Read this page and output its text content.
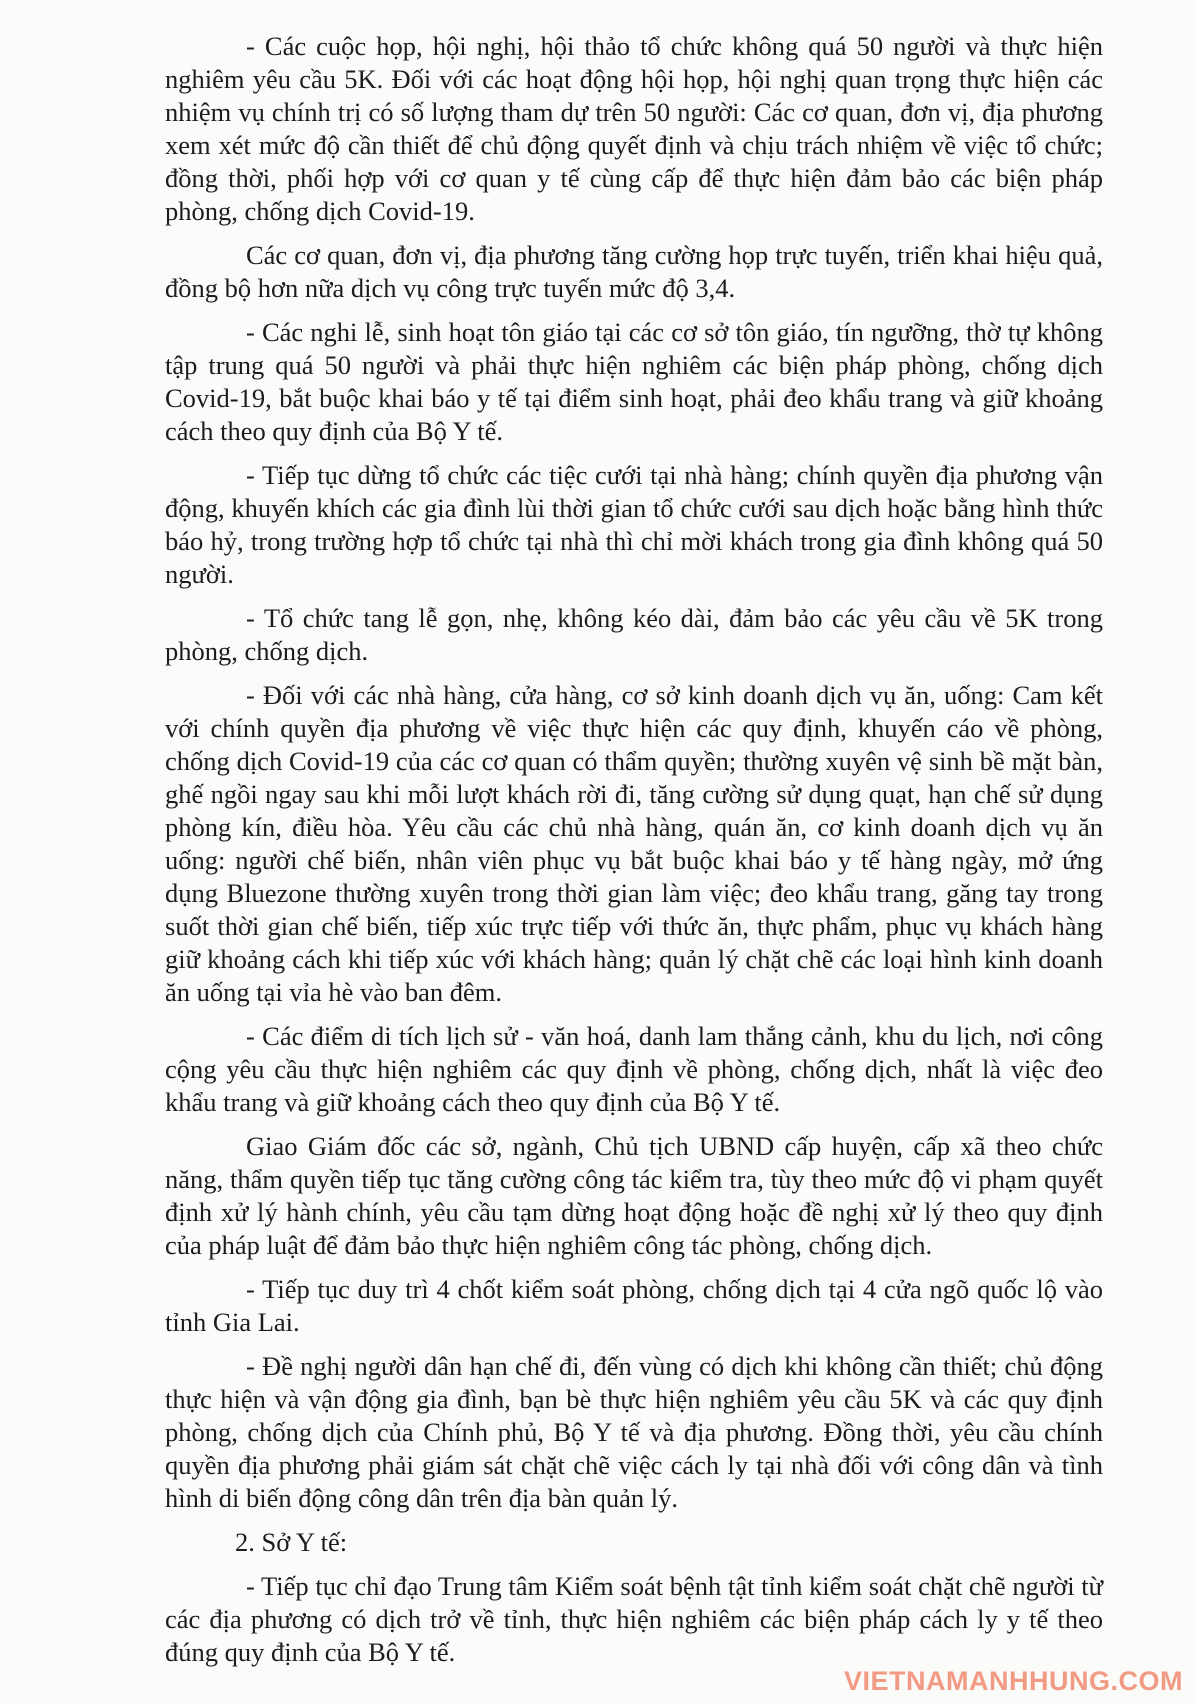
- Các cuộc họp, hội nghị, hội thảo tổ chức không quá 50 người và thực hiện nghiêm yêu cầu 5K. Đối với các hoạt động hội họp, hội nghị quan trọng thực hiện các nhiệm vụ chính trị có số lượng tham dự trên 50 người: Các cơ quan, đơn vị, địa phương xem xét mức độ cần thiết để chủ động quyết định và chịu trách nhiệm về việc tổ chức; đồng thời, phối hợp với cơ quan y tế cùng cấp để thực hiện đảm bảo các biện pháp phòng, chống dịch Covid-19.

Các cơ quan, đơn vị, địa phương tăng cường họp trực tuyến, triển khai hiệu quả, đồng bộ hơn nữa dịch vụ công trực tuyến mức độ 3,4.

- Các nghi lễ, sinh hoạt tôn giáo tại các cơ sở tôn giáo, tín ngưỡng, thờ tự không tập trung quá 50 người và phải thực hiện nghiêm các biện pháp phòng, chống dịch Covid-19, bắt buộc khai báo y tế tại điểm sinh hoạt, phải đeo khẩu trang và giữ khoảng cách theo quy định của Bộ Y tế.

- Tiếp tục dừng tổ chức các tiệc cưới tại nhà hàng; chính quyền địa phương vận động, khuyến khích các gia đình lùi thời gian tổ chức cưới sau dịch hoặc bằng hình thức báo hỷ, trong trường hợp tổ chức tại nhà thì chỉ mời khách trong gia đình không quá 50 người.

- Tổ chức tang lễ gọn, nhẹ, không kéo dài, đảm bảo các yêu cầu về 5K trong phòng, chống dịch.

- Đối với các nhà hàng, cửa hàng, cơ sở kinh doanh dịch vụ ăn, uống: Cam kết với chính quyền địa phương về việc thực hiện các quy định, khuyến cáo về phòng, chống dịch Covid-19 của các cơ quan có thẩm quyền; thường xuyên vệ sinh bề mặt bàn, ghế ngồi ngay sau khi mỗi lượt khách rời đi, tăng cường sử dụng quạt, hạn chế sử dụng phòng kín, điều hòa. Yêu cầu các chủ nhà hàng, quán ăn, cơ kinh doanh dịch vụ ăn uống: người chế biến, nhân viên phục vụ bắt buộc khai báo y tế hàng ngày, mở ứng dụng Bluezone thường xuyên trong thời gian làm việc; đeo khẩu trang, găng tay trong suốt thời gian chế biến, tiếp xúc trực tiếp với thức ăn, thực phẩm, phục vụ khách hàng giữ khoảng cách khi tiếp xúc với khách hàng; quản lý chặt chẽ các loại hình kinh doanh ăn uống tại vỉa hè vào ban đêm.

- Các điểm di tích lịch sử - văn hoá, danh lam thắng cảnh, khu du lịch, nơi công cộng yêu cầu thực hiện nghiêm các quy định về phòng, chống dịch, nhất là việc đeo khẩu trang và giữ khoảng cách theo quy định của Bộ Y tế.

Giao Giám đốc các sở, ngành, Chủ tịch UBND cấp huyện, cấp xã theo chức năng, thẩm quyền tiếp tục tăng cường công tác kiểm tra, tùy theo mức độ vi phạm quyết định xử lý hành chính, yêu cầu tạm dừng hoạt động hoặc đề nghị xử lý theo quy định của pháp luật để đảm bảo thực hiện nghiêm công tác phòng, chống dịch.

- Tiếp tục duy trì 4 chốt kiểm soát phòng, chống dịch tại 4 cửa ngõ quốc lộ vào tỉnh Gia Lai.

- Đề nghị người dân hạn chế đi, đến vùng có dịch khi không cần thiết; chủ động thực hiện và vận động gia đình, bạn bè thực hiện nghiêm yêu cầu 5K và các quy định phòng, chống dịch của Chính phủ, Bộ Y tế và địa phương. Đồng thời, yêu cầu chính quyền địa phương phải giám sát chặt chẽ việc cách ly tại nhà đối với công dân và tình hình di biến động công dân trên địa bàn quản lý.

2. Sở Y tế:

- Tiếp tục chỉ đạo Trung tâm Kiểm soát bệnh tật tỉnh kiểm soát chặt chẽ người từ các địa phương có dịch trở về tỉnh, thực hiện nghiêm các biện pháp cách ly y tế theo đúng quy định của Bộ Y tế.

VIETNAMANHHUNG.COM
